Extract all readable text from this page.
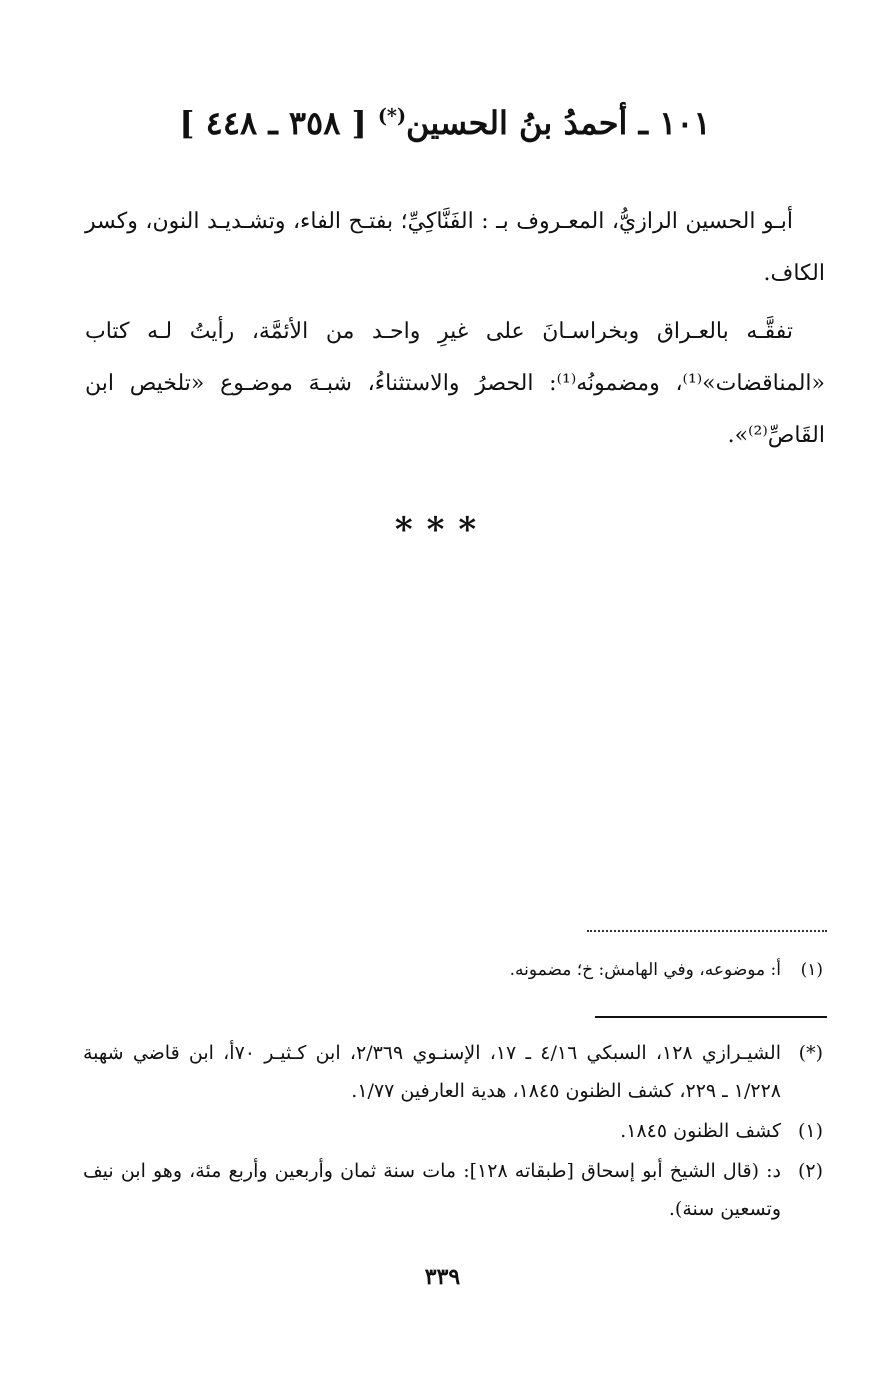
١٠١ ـ أحمدُ بنُ الحسين(*) [ ٣٥٨ ـ ٤٤٨ ]

أبـو الحسين الرازيُّ، المعـروف بـ : الفَنَّاكِيِّ؛ بفتـح الفاء، وتشـديـد النون، وكسر الكاف.

تفقَّـه بالعـراق وبخراسـانَ على غيرِ واحـد من الأئمَّة، رأيتُ لـه كتاب «المناقضات»⁽¹⁾، ومضمونُه⁽¹⁾: الحصرُ والاستثناءُ، شبـهَ موضـوع «تلخيص ابن القَاصِّ⁽²⁾».

***
(١)
أ: موضوعه، وفي الهامش: خ؛ مضمونه.
(*)
الشيـرازي ١٢٨، السبكي ٤/١٦ ـ ١٧، الإسنـوي ٢/٣٦٩، ابن كـثيـر ٧٠أ، ابن قاضي شهبة ١/٢٢٨ ـ ٢٢٩، كشف الظنون ١٨٤٥، هدية العارفين ١/٧٧.
(١)
كشف الظنون ١٨٤٥.
(٢)
د: (قال الشيخ أبو إسحاق [طبقاته ١٢٨]: مات سنة ثمان وأربعين وأربع مئة، وهو ابن نيف وتسعين سنة).
٣٣٩
